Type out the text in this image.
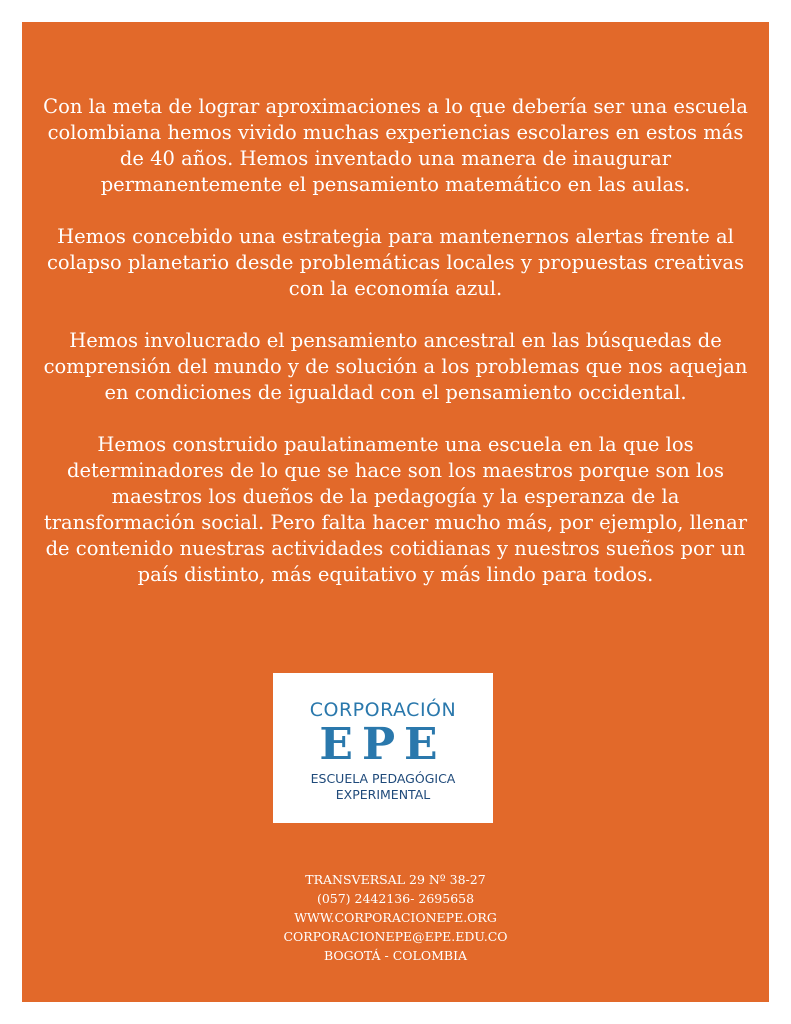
Con la meta de lograr aproximaciones a lo que debería ser una escuela colombiana hemos vivido muchas experiencias escolares en estos más de 40 años. Hemos inventado una manera de inaugurar permanentemente el pensamiento matemático en las aulas.

Hemos concebido una estrategia para mantenernos alertas frente al colapso planetario desde problemáticas locales y propuestas creativas con la economía azul.

Hemos involucrado el pensamiento ancestral en las búsquedas de comprensión del mundo y de solución a los problemas que nos aquejan en condiciones de igualdad con el pensamiento occidental.

Hemos construido paulatinamente una escuela en la que los determinadores de lo que se hace son los maestros porque son los maestros los dueños de la pedagogía y la esperanza de la transformación social. Pero falta hacer mucho más, por ejemplo, llenar de contenido nuestras actividades cotidianas y nuestros sueños por un país distinto, más equitativo y más lindo para todos.

CORPORACIÓN
EPE
ESCUELA PEDAGÓGICA
EXPERIMENTAL
TRANSVERSAL 29 Nº 38-27
(057) 2442136- 2695658
WWW.CORPORACIONEPE.ORG
CORPORACIONEPE@EPE.EDU.CO
BOGOTÁ - COLOMBIA
